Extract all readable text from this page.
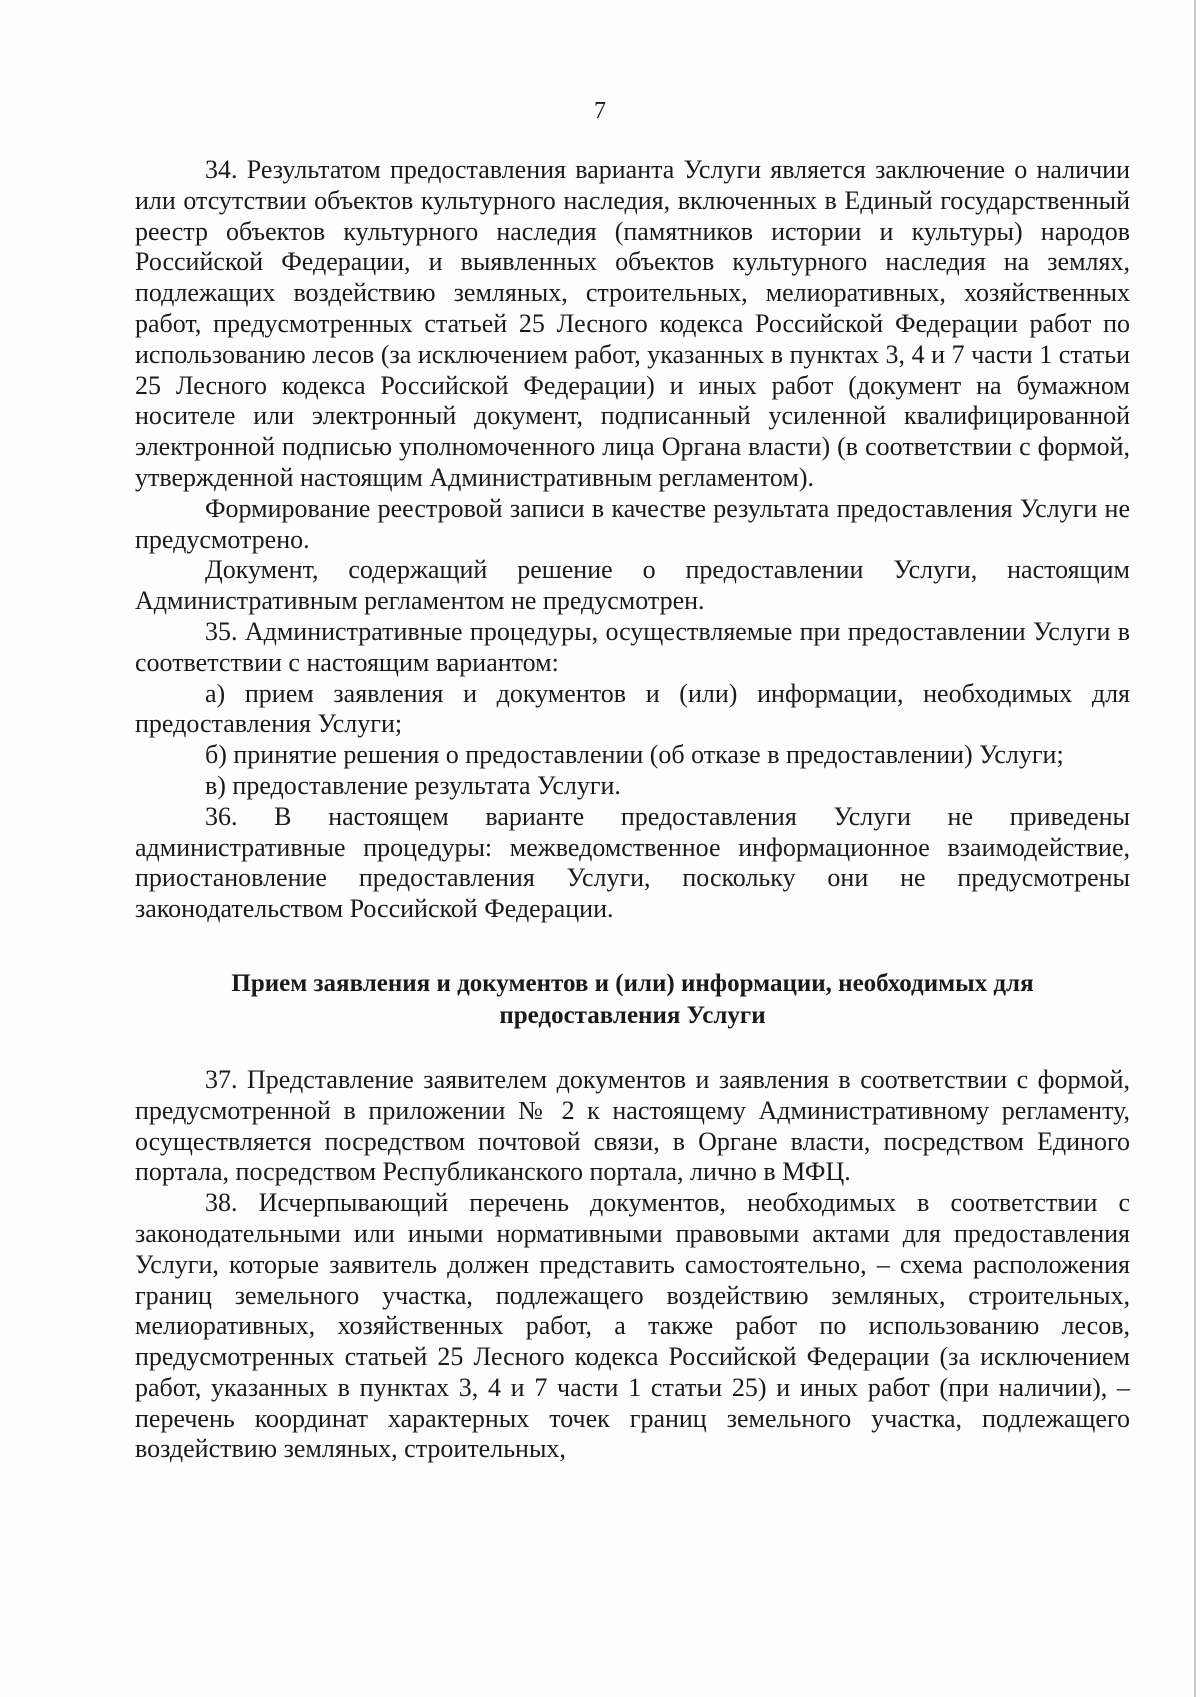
7

34. Результатом предоставления варианта Услуги является заключение о наличии или отсутствии объектов культурного наследия, включенных в Единый государственный реестр объектов культурного наследия (памятников истории и культуры) народов Российской Федерации, и выявленных объектов культурного наследия на землях, подлежащих воздействию земляных, строительных, мелиоративных, хозяйственных работ, предусмотренных статьей 25 Лесного кодекса Российской Федерации работ по использованию лесов (за исключением работ, указанных в пунктах 3, 4 и 7 части 1 статьи 25 Лесного кодекса Российской Федерации) и иных работ (документ на бумажном носителе или электронный документ, подписанный усиленной квалифицированной электронной подписью уполномоченного лица Органа власти) (в соответствии с формой, утвержденной настоящим Административным регламентом).

Формирование реестровой записи в качестве результата предоставления Услуги не предусмотрено.

Документ, содержащий решение о предоставлении Услуги, настоящим Административным регламентом не предусмотрен.

35. Административные процедуры, осуществляемые при предоставлении Услуги в соответствии с настоящим вариантом:

а) прием заявления и документов и (или) информации, необходимых для предоставления Услуги;

б) принятие решения о предоставлении (об отказе в предоставлении) Услуги;

в) предоставление результата Услуги.

36. В настоящем варианте предоставления Услуги не приведены административные процедуры: межведомственное информационное взаимодействие, приостановление предоставления Услуги, поскольку они не предусмотрены законодательством Российской Федерации.

Прием заявления и документов и (или) информации, необходимых для
предоставления Услуги

37. Представление заявителем документов и заявления в соответствии с формой, предусмотренной в приложении № 2 к настоящему Административному регламенту, осуществляется посредством почтовой связи, в Органе власти, посредством Единого портала, посредством Республиканского портала, лично в МФЦ.

38. Исчерпывающий перечень документов, необходимых в соответствии с законодательными или иными нормативными правовыми актами для предоставления Услуги, которые заявитель должен представить самостоятельно, – схема расположения границ земельного участка, подлежащего воздействию земляных, строительных, мелиоративных, хозяйственных работ, а также работ по использованию лесов, предусмотренных статьей 25 Лесного кодекса Российской Федерации (за исключением работ, указанных в пунктах 3, 4 и 7 части 1 статьи 25) и иных работ (при наличии), – перечень координат характерных точек границ земельного участка, подлежащего воздействию земляных, строительных,
